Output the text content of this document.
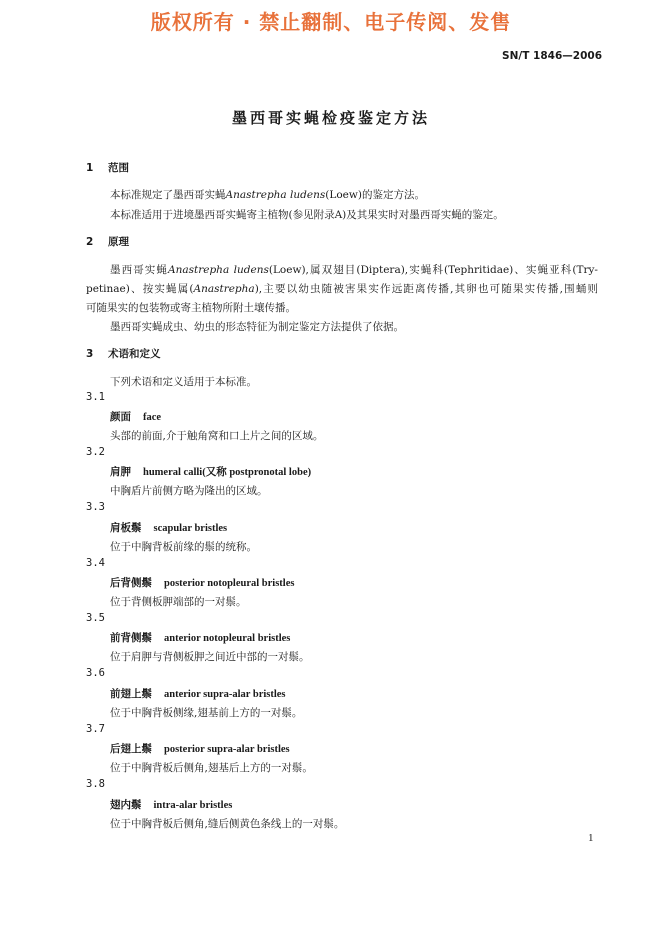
版权所有 · 禁止翻制、电子传阅、发售
SN/T 1846—2006
墨西哥实蝇检疫鉴定方法
1 范围
本标准规定了墨西哥实蝇Anastrepha ludens(Loew)的鉴定方法。
本标准适用于进境墨西哥实蝇寄主植物(参见附录A)及其果实时对墨西哥实蝇的鉴定。
2 原理
墨西哥实蝇Anastrepha ludens(Loew),属双翅目(Diptera),实蝇科(Tephritidae)、实蝇亚科(Try-
petinae)、按实蝇属(Anastrepha),主要以幼虫随被害果实作远距离传播,其卵也可随果实传播,围蛹则
可随果实的包装物或寄主植物所附土壤传播。
墨西哥实蝇成虫、幼虫的形态特征为制定鉴定方法提供了依据。
3 术语和定义
下列术语和定义适用于本标准。
3.1
颜面 face
头部的前面,介于触角窝和口上片之间的区域。
3.2
肩胛 humeral calli(又称 postpronotal lobe)
中胸盾片前侧方略为隆出的区域。
3.3
肩板鬃 scapular bristles
位于中胸背板前缘的鬃的统称。
3.4
后背侧鬃 posterior notopleural bristles
位于背侧板胛端部的一对鬃。
3.5
前背侧鬃 anterior notopleural bristles
位于肩胛与背侧板胛之间近中部的一对鬃。
3.6
前翅上鬃 anterior supra-alar bristles
位于中胸背板侧缘,翅基前上方的一对鬃。
3.7
后翅上鬃 posterior supra-alar bristles
位于中胸背板后侧角,翅基后上方的一对鬃。
3.8
翅内鬃 intra-alar bristles
位于中胸背板后侧角,缝后侧黄色条线上的一对鬃。
1
